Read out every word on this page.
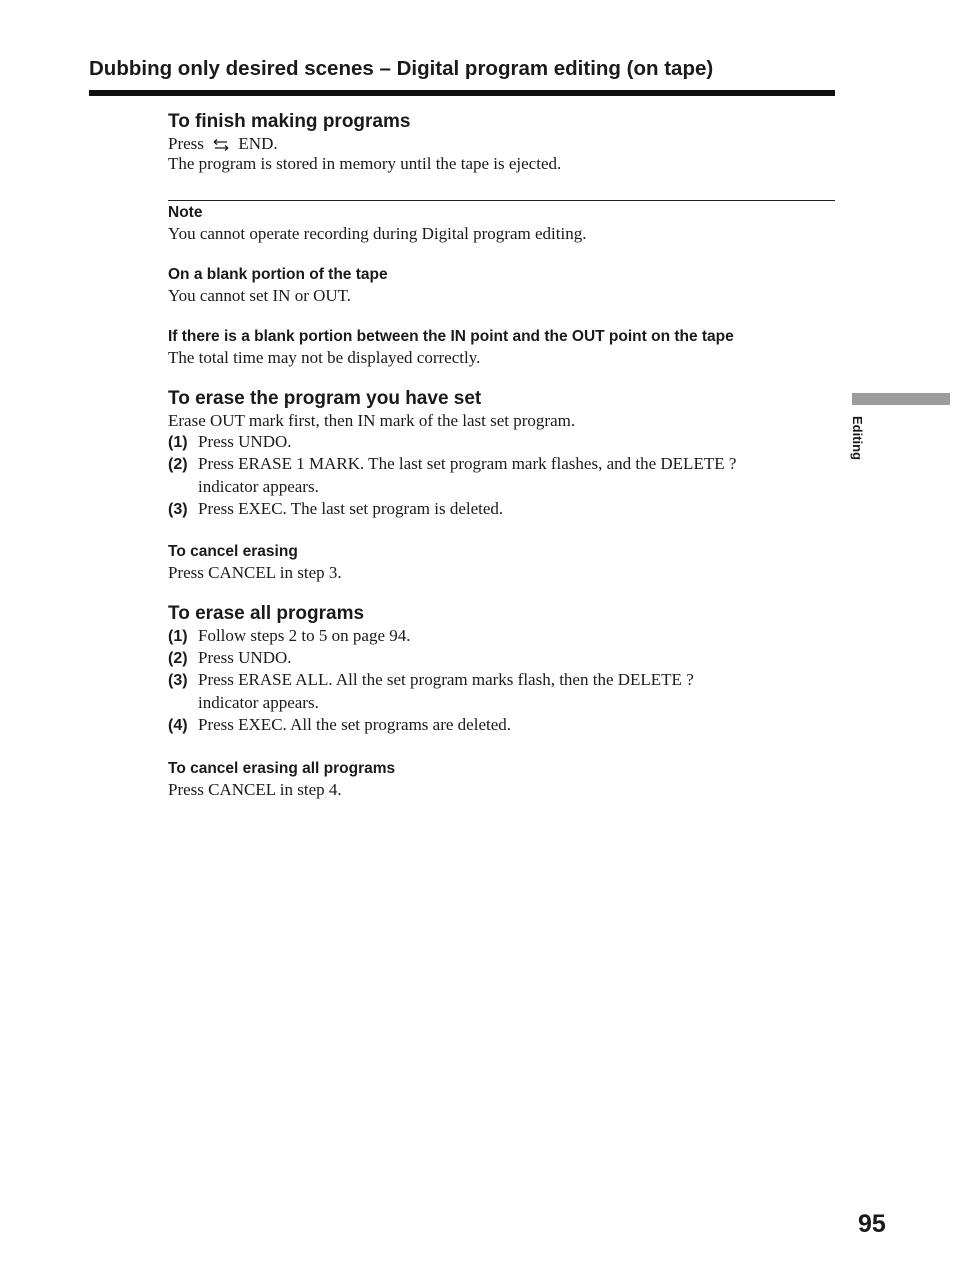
Dubbing only desired scenes – Digital program editing (on tape)
To finish making programs
Press END.
The program is stored in memory until the tape is ejected.
Note
You cannot operate recording during Digital program editing.
On a blank portion of the tape
You cannot set IN or OUT.
If there is a blank portion between the IN point and the OUT point on the tape
The total time may not be displayed correctly.
To erase the program you have set
Erase OUT mark first, then IN mark of the last set program.
(1) Press UNDO.
(2) Press ERASE 1 MARK. The last set program mark flashes, and the DELETE ?
indicator appears.
(3) Press EXEC. The last set program is deleted.
To cancel erasing
Press CANCEL in step 3.
To erase all programs
(1) Follow steps 2 to 5 on page 94.
(2) Press UNDO.
(3) Press ERASE ALL. All the set program marks flash, then the DELETE ?
indicator appears.
(4) Press EXEC. All the set programs are deleted.
To cancel erasing all programs
Press CANCEL in step 4.
Editing
95
